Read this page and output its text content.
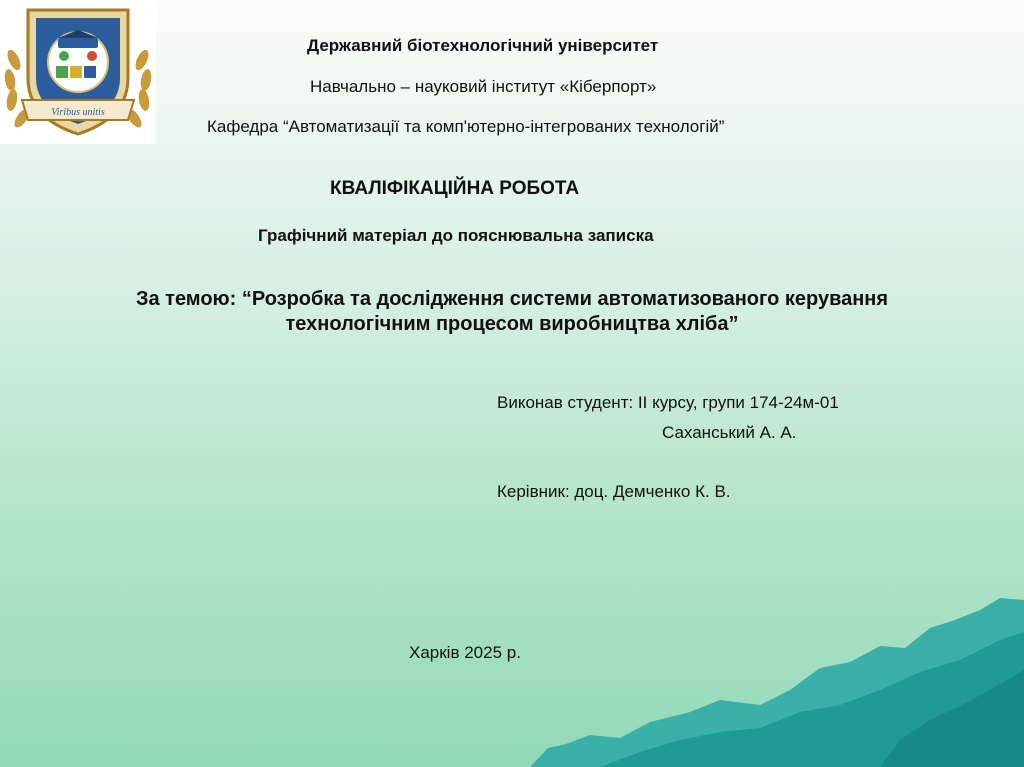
Viribus unitis
Державний біотехнологічний університет
Навчально – науковий інститут «Кіберпорт»
Кафедра “Автоматизації та комп'ютерно-інтегрованих технологій”
КВАЛІФІКАЦІЙНА РОБОТА
Графічний матеріал до пояснювальна записка
За темою: “Розробка та дослідження системи автоматизованого керування
технологічним процесом виробництва хліба”
Виконав студент: ІІ курсу, групи 174-24м-01
Саханський А. А.
Керівник: доц. Демченко К. В.
Харків 2025 р.
